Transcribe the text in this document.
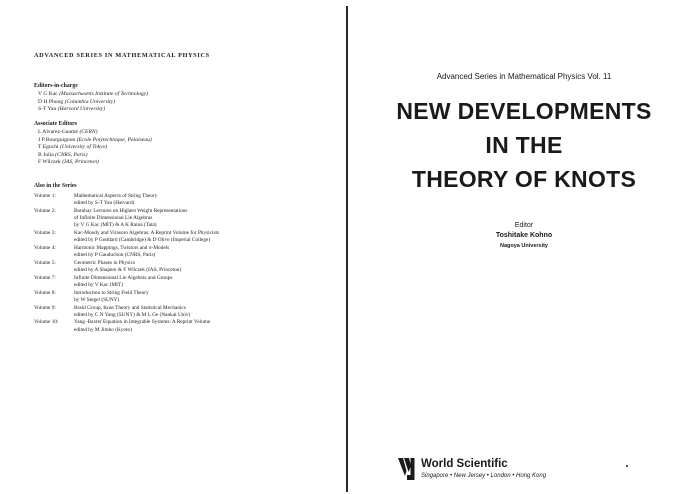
ADVANCED SERIES IN MATHEMATICAL PHYSICS
Editors-in-charge
V G Kac (Massachusetts Institute of Technology)
D H Phong (Columbia University)
S-T Yau (Harvard University)
Associate Editors
L Alvarez-Gaumé (CERN)
J P Bourguignon (Ecole Polytechnique, Palaiseau)
T Eguchi (University of Tokyo)
B Julia (CNRS, Paris)
F Wilczek (IAS, Princeton)
Also in the Series
Volume 1:	Mathematical Aspects of String Theory
edited by S-T Yau (Harvard)
Volume 2:	Bombay Lectures on Highest Weight Representations
of Infinite Dimensional Lie Algebras
by V G Kac (MIT) & A K Raina (Tata)
Volume 3:	Kac-Moody and Virasoro Algebras: A Reprint Volume for Physicists
edited by P Goddard (Cambridge) & D Olive (Imperial College)
Volume 4:	Harmonic Mappings, Twistors and σ-Models
edited by P Gauduchon (CNRS, Paris)
Volume 5:	Geometric Phases in Physics
edited by A Shapere & F Wilczek (IAS, Princeton)
Volume 7:	Infinite Dimensional Lie Algebras and Groups
edited by V Kac (MIT)
Volume 8:	Introduction to String Field Theory
by W Siegel (SUNY)
Volume 9:	Braid Group, Knot Theory and Statistical Mechanics
edited by C N Yang (SUNY) & M L Ge (Nankai Univ)
Volume 10:	Yang–Baxter Equation in Integrable Systems: A Reprint Volume
edited by M Jimbo (Kyoto)
Advanced Series in Mathematical Physics Vol. 11
NEW DEVELOPMENTS
IN THE
THEORY OF KNOTS
Editor
Toshitake Kohno
Nagoya University
World Scientific
Singapore • New Jersey • London • Hong Kong
